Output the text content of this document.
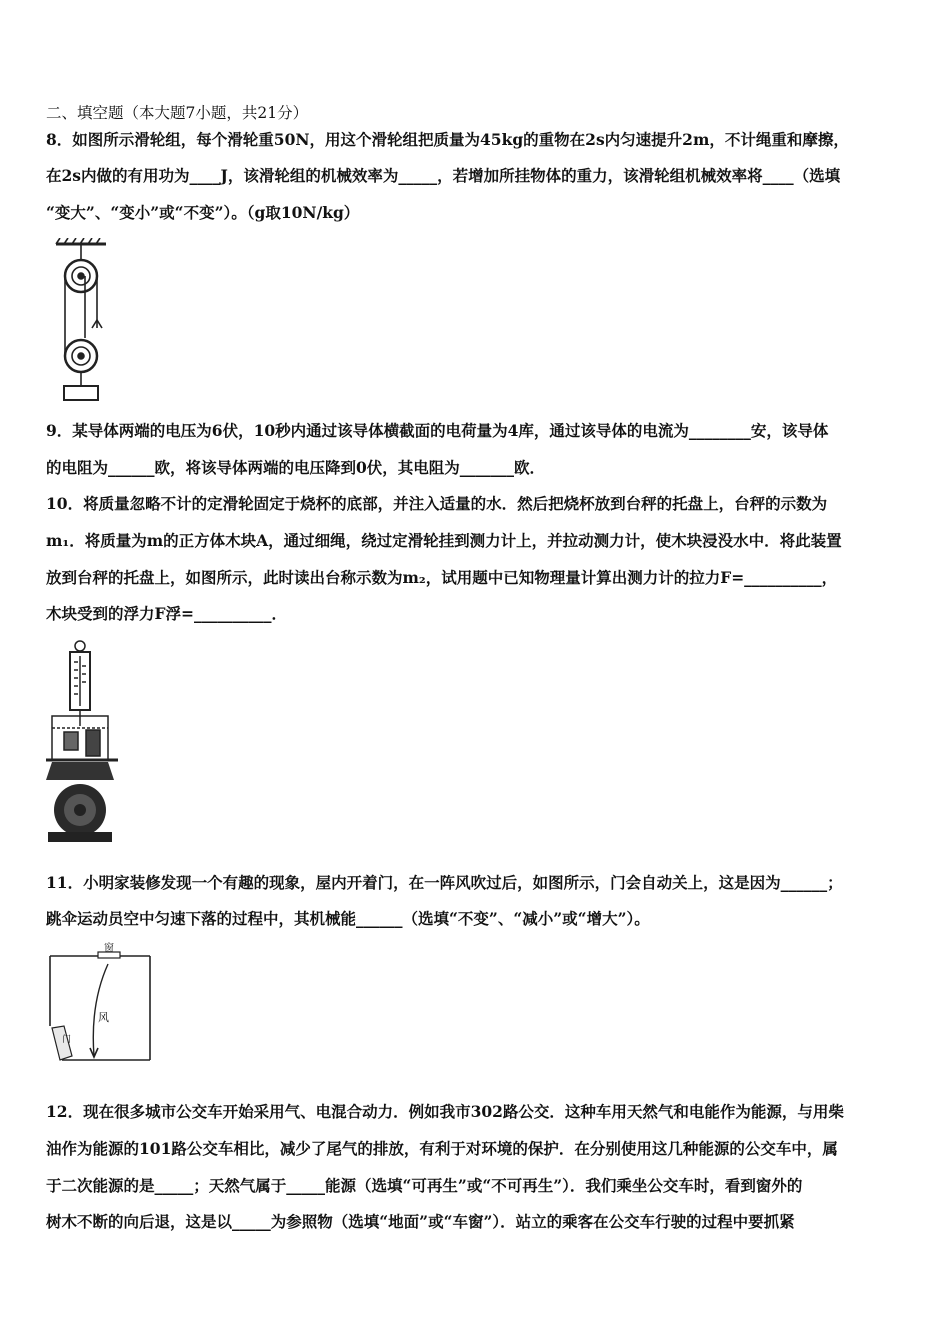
二、填空题（本大题7小题，共21分）
8．如图所示滑轮组，每个滑轮重50N，用这个滑轮组把质量为45kg的重物在2s内匀速提升2m，不计绳重和摩擦，
在2s内做的有用功为____J，该滑轮组的机械效率为_____，若增加所挂物体的重力，该滑轮组机械效率将____（选填
“变大”、“变小”或“不变”）。（g取10N/kg）
9．某导体两端的电压为6伏，10秒内通过该导体横截面的电荷量为4库，通过该导体的电流为________安，该导体
的电阻为______欧，将该导体两端的电压降到0伏，其电阻为_______欧．
10．将质量忽略不计的定滑轮固定于烧杯的底部，并注入适量的水．然后把烧杯放到台秤的托盘上，台秤的示数为
m₁．将质量为m的正方体木块A，通过细绳，绕过定滑轮挂到测力计上，并拉动测力计，使木块浸没水中．将此装置
放到台秤的托盘上，如图所示，此时读出台称示数为m₂，试用题中已知物理量计算出测力计的拉力F=__________，
木块受到的浮力F浮=__________．
11．小明家装修发现一个有趣的现象，屋内开着门，在一阵风吹过后，如图所示，门会自动关上，这是因为______；
跳伞运动员空中匀速下落的过程中，其机械能______（选填“不变”、“减小”或“增大”）。
窗
风
门
12．现在很多城市公交车开始采用气、电混合动力．例如我市302路公交．这种车用天然气和电能作为能源，与用柴
油作为能源的101路公交车相比，减少了尾气的排放，有利于对环境的保护．在分别使用这几种能源的公交车中，属
于二次能源的是_____；天然气属于_____能源（选填“可再生”或“不可再生”）．我们乘坐公交车时，看到窗外的
树木不断的向后退，这是以_____为参照物（选填“地面”或“车窗”）．站立的乘客在公交车行驶的过程中要抓紧
